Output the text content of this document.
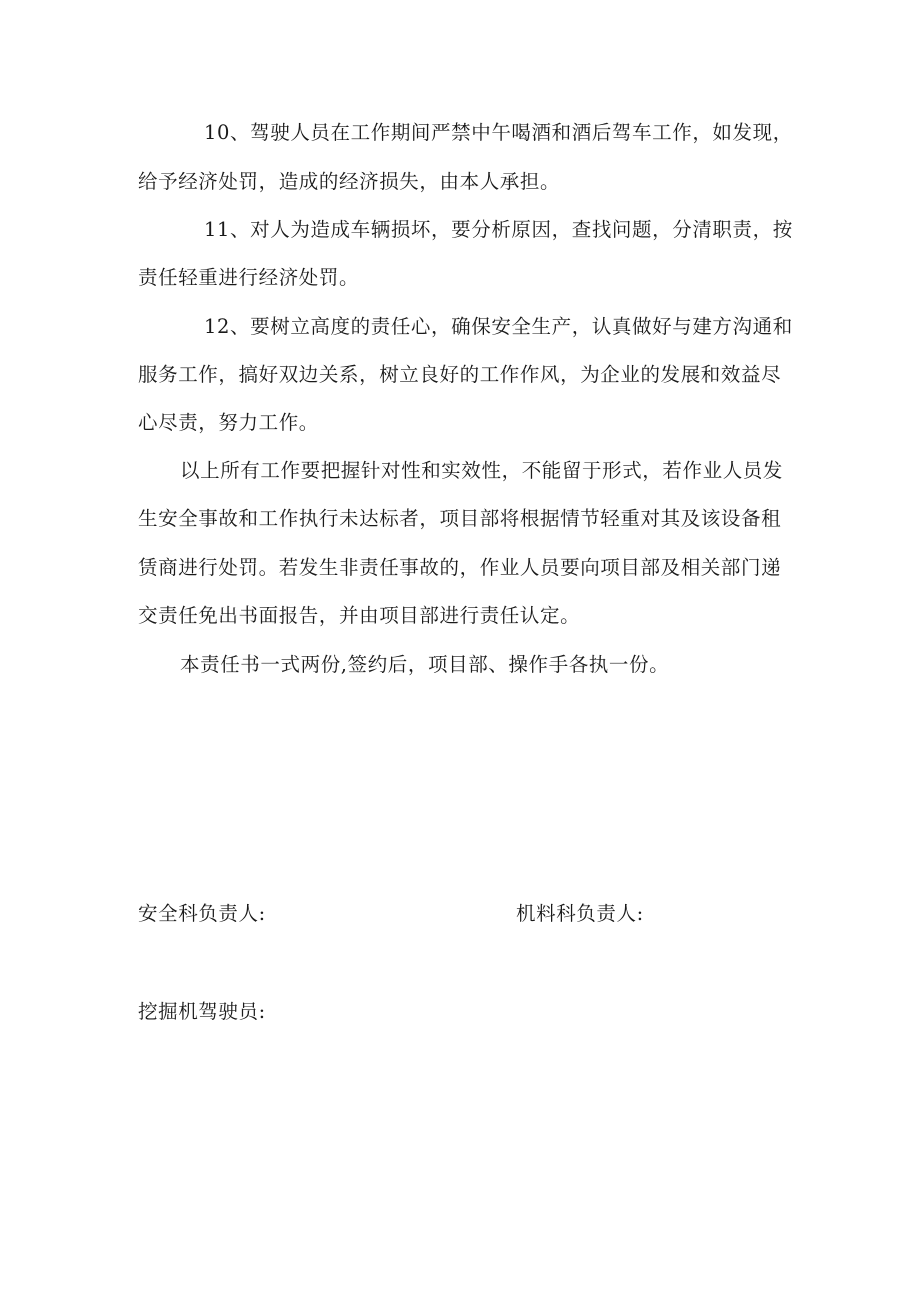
10、驾驶人员在工作期间严禁中午喝酒和酒后驾车工作，如发现，
给予经济处罚，造成的经济损失，由本人承担。
11、对人为造成车辆损坏，要分析原因，查找问题，分清职责，按
责任轻重进行经济处罚。
12、要树立高度的责任心，确保安全生产，认真做好与建方沟通和
服务工作，搞好双边关系，树立良好的工作作风，为企业的发展和效益尽
心尽责，努力工作。
以上所有工作要把握针对性和实效性，不能留于形式，若作业人员发
生安全事故和工作执行未达标者，项目部将根据情节轻重对其及该设备租
赁商进行处罚。若发生非责任事故的，作业人员要向项目部及相关部门递
交责任免出书面报告，并由项目部进行责任认定。
本责任书一式两份,签约后，项目部、操作手各执一份。
安全科负责人:	机料科负责人:
挖掘机驾驶员:
